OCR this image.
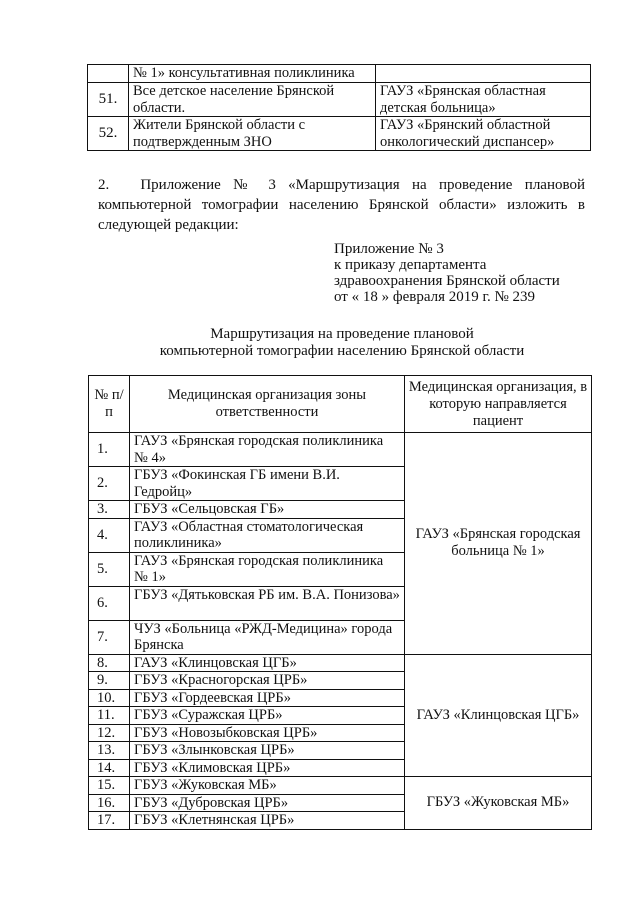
	№ 1» консультативная поликлиника	
51.	Все детское население Брянской области.	ГАУЗ «Брянская областная детская больница»
52.	Жители Брянской области с подтвержденным ЗНО	ГАУЗ «Брянский областной онкологический диспансер»
2. Приложение № 3 «Маршрутизация на проведение плановой компьютерной томографии населению Брянской области» изложить в следующей редакции:
Приложение № 3
к приказу департамента
здравоохранения Брянской области
от « 18 » февраля 2019 г. № 239
Маршрутизация на проведение плановой
компьютерной томографии населению Брянской области
№ п/п	Медицинская организация зоны ответственности	Медицинская организация, в которую направляется пациент
1.	ГАУЗ «Брянская городская поликлиника № 4»	ГАУЗ «Брянская городская больница № 1»
2.	ГБУЗ «Фокинская ГБ имени В.И. Гедройц»	
3.	ГБУЗ «Сельцовская ГБ»	
4.	ГАУЗ «Областная стоматологическая поликлиника»	
5.	ГАУЗ «Брянская городская поликлиника № 1»	
6.	ГБУЗ «Дятьковская РБ им. В.А. Понизова»	
7.	ЧУЗ «Больница «РЖД-Медицина» города Брянска	
8.	ГАУЗ «Клинцовская ЦГБ»	ГАУЗ «Клинцовская ЦГБ»
9.	ГБУЗ «Красногорская ЦРБ»	
10.	ГБУЗ «Гордеевская ЦРБ»	
11.	ГБУЗ «Суражская ЦРБ»	
12.	ГБУЗ «Новозыбковская ЦРБ»	
13.	ГБУЗ «Злынковская ЦРБ»	
14.	ГБУЗ «Климовская ЦРБ»	
15.	ГБУЗ «Жуковская МБ»	ГБУЗ «Жуковская МБ»
16.	ГБУЗ «Дубровская ЦРБ»	
17.	ГБУЗ «Клетнянская ЦРБ»	
